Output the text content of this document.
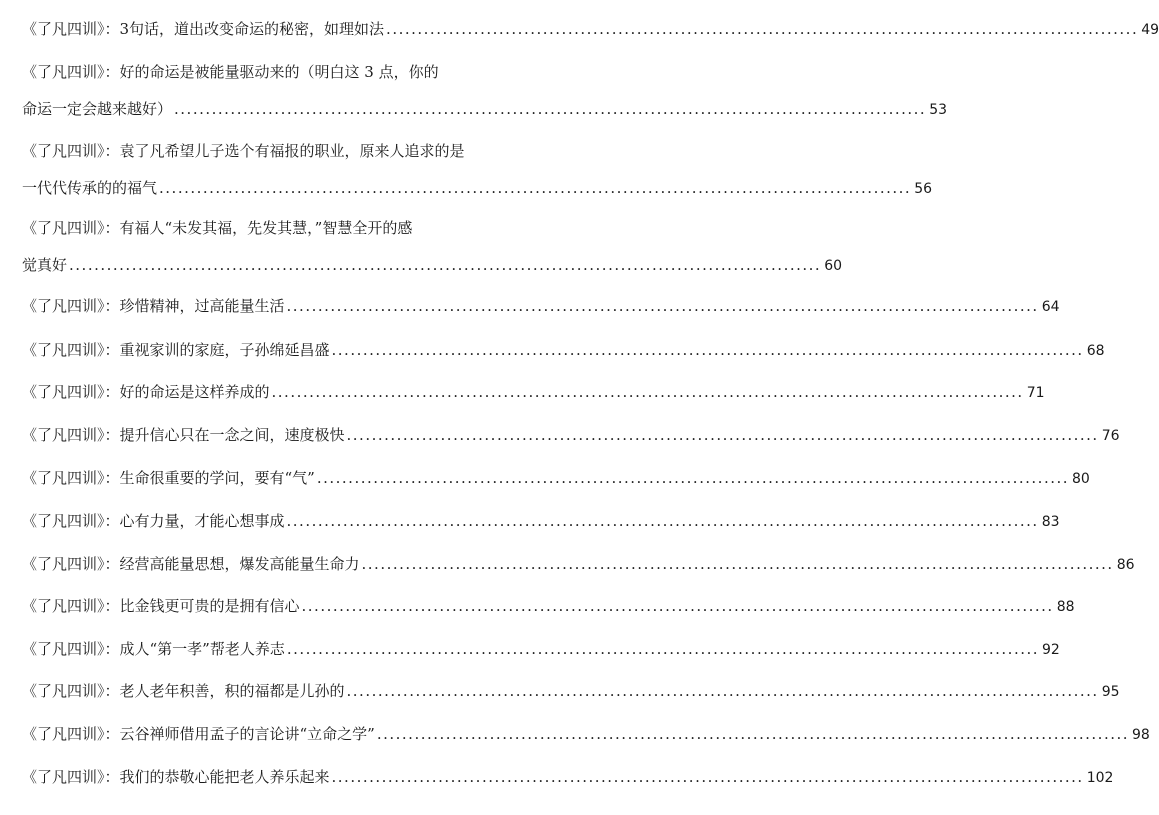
《了凡四训》：3句话，道出改变命运的秘密，如理如法 ........................................................................................................................ 49
《了凡四训》：好的命运是被能量驱动来的（明白这 3 点，你的
命运一定会越来越好） ........................................................................................................................ 53
《了凡四训》：袁了凡希望儿子选个有福报的职业，原来人追求的是
一代代传承的的福气 ........................................................................................................................ 56
《了凡四训》：有福人“未发其福，先发其慧，”智慧全开的感
觉真好 ........................................................................................................................ 60
《了凡四训》：珍惜精神，过高能量生活 ........................................................................................................................ 64
《了凡四训》：重视家训的家庭，子孙绵延昌盛 ........................................................................................................................ 68
《了凡四训》：好的命运是这样养成的 ........................................................................................................................ 71
《了凡四训》：提升信心只在一念之间，速度极快 ........................................................................................................................ 76
《了凡四训》：生命很重要的学问，要有“气” ........................................................................................................................ 80
《了凡四训》：心有力量，才能心想事成 ........................................................................................................................ 83
《了凡四训》：经营高能量思想，爆发高能量生命力 ........................................................................................................................ 86
《了凡四训》：比金钱更可贵的是拥有信心 ........................................................................................................................ 88
《了凡四训》：成人“第一孝”帮老人养志 ........................................................................................................................ 92
《了凡四训》：老人老年积善，积的福都是儿孙的 ........................................................................................................................ 95
《了凡四训》：云谷禅师借用孟子的言论讲“立命之学” ........................................................................................................................ 98
《了凡四训》：我们的恭敬心能把老人养乐起来 ........................................................................................................................ 102
